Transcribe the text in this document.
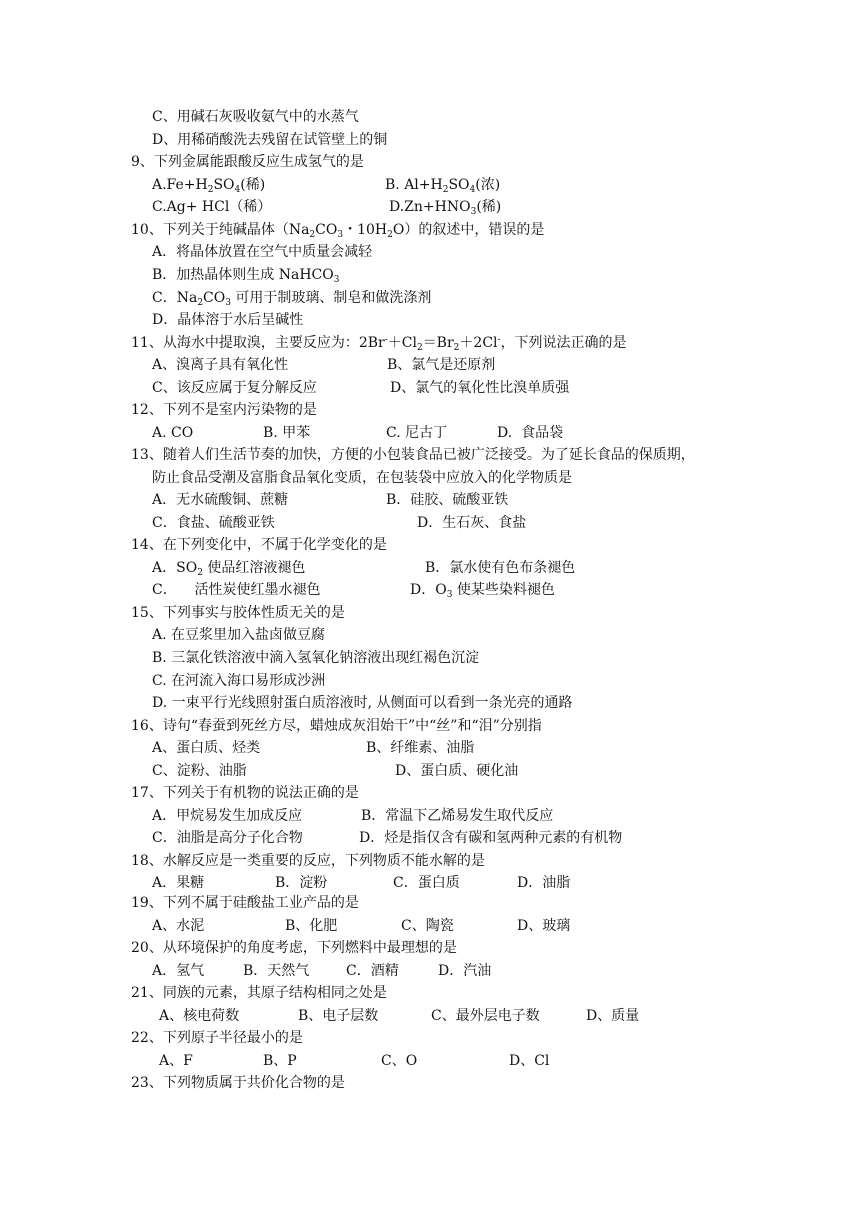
C、用碱石灰吸收氨气中的水蒸气
D、用稀硝酸洗去残留在试管壁上的铜
9、下列金属能跟酸反应生成氢气的是

$A.Fe+H_2SO_4$(稀)

	B. $Al+H_2SO_4$(浓)

C.Ag+ HCl（稀）

	$D.Zn+HNO_3$(稀)

10、下列关于纯碱晶体（$Na_2CO_3$・$10H_2O$）的叙述中，错误的是
A．将晶体放置在空气中质量会减轻
B．加热晶体则生成 NaHCO$_3$
C．$Na_2CO_3$ 可用于制玻璃、制皂和做洗涤剂
D．晶体溶于水后呈碱性
11、从海水中提取溴，主要反应为：$2Br^-+Cl_2=Br_2+2Cl^-$，下列说法正确的是

A、溴离子具有氧化性

	B、氯气是还原剂

C、该反应属于复分解反应

	D、氯气的氧化性比溴单质强

12、下列不是室内污染物的是

A. CO

	B. 甲苯

	C. 尼古丁

	D.  食品袋

13、随着人们生活节奏的加快，方便的小包装食品已被广泛接受。为了延长食品的保质期，
防止食品受潮及富脂食品氧化变质，在包装袋中应放入的化学物质是

A．无水硫酸铜、蔗糖

	B．硅胶、硫酸亚铁

C．食盐、硫酸亚铁

	D．生石灰、食盐

14、在下列变化中，不属于化学变化的是

A．$SO_2$ 使品红溶液褪色

	B．氯水使有色布条褪色

C．    活性炭使红墨水褪色

	D．$O_3$ 使某些染料褪色

15、下列事实与胶体性质无关的是
A. 在豆浆里加入盐卤做豆腐
B. 三氯化铁溶液中滴入氢氧化钠溶液出现红褐色沉淀
C. 在河流入海口易形成沙洲
D. 一束平行光线照射蛋白质溶液时, 从侧面可以看到一条光亮的通路
16、诗句“春蚕到死丝方尽，蜡烛成灰泪始干”中“丝”和“泪”分别指

A、蛋白质、烃类

	B、纤维素、油脂

C、淀粉、油脂

	D、蛋白质、硬化油

17、下列关于有机物的说法正确的是

A．甲烷易发生加成反应

	B．常温下乙烯易发生取代反应

C．油脂是高分子化合物

	D．烃是指仅含有碳和氢两种元素的有机物

18、水解反应是一类重要的反应，下列物质不能水解的是

A．果糖

	B．淀粉

	C．蛋白质

	D．油脂

19、下列不属于硅酸盐工业产品的是

A、水泥

	B、化肥

	C、陶瓷

	D、玻璃

20、从环境保护的角度考虑，下列燃料中最理想的是

A．氢气

	B．天然气

	C．酒精

	D．汽油

21、同族的元素，其原子结构相同之处是

A、核电荷数

	B、电子层数

	C、最外层电子数

	D、质量

22、下列原子半径最小的是

A、F

	B、P

	C、O

	D、Cl

23、下列物质属于共价化合物的是
